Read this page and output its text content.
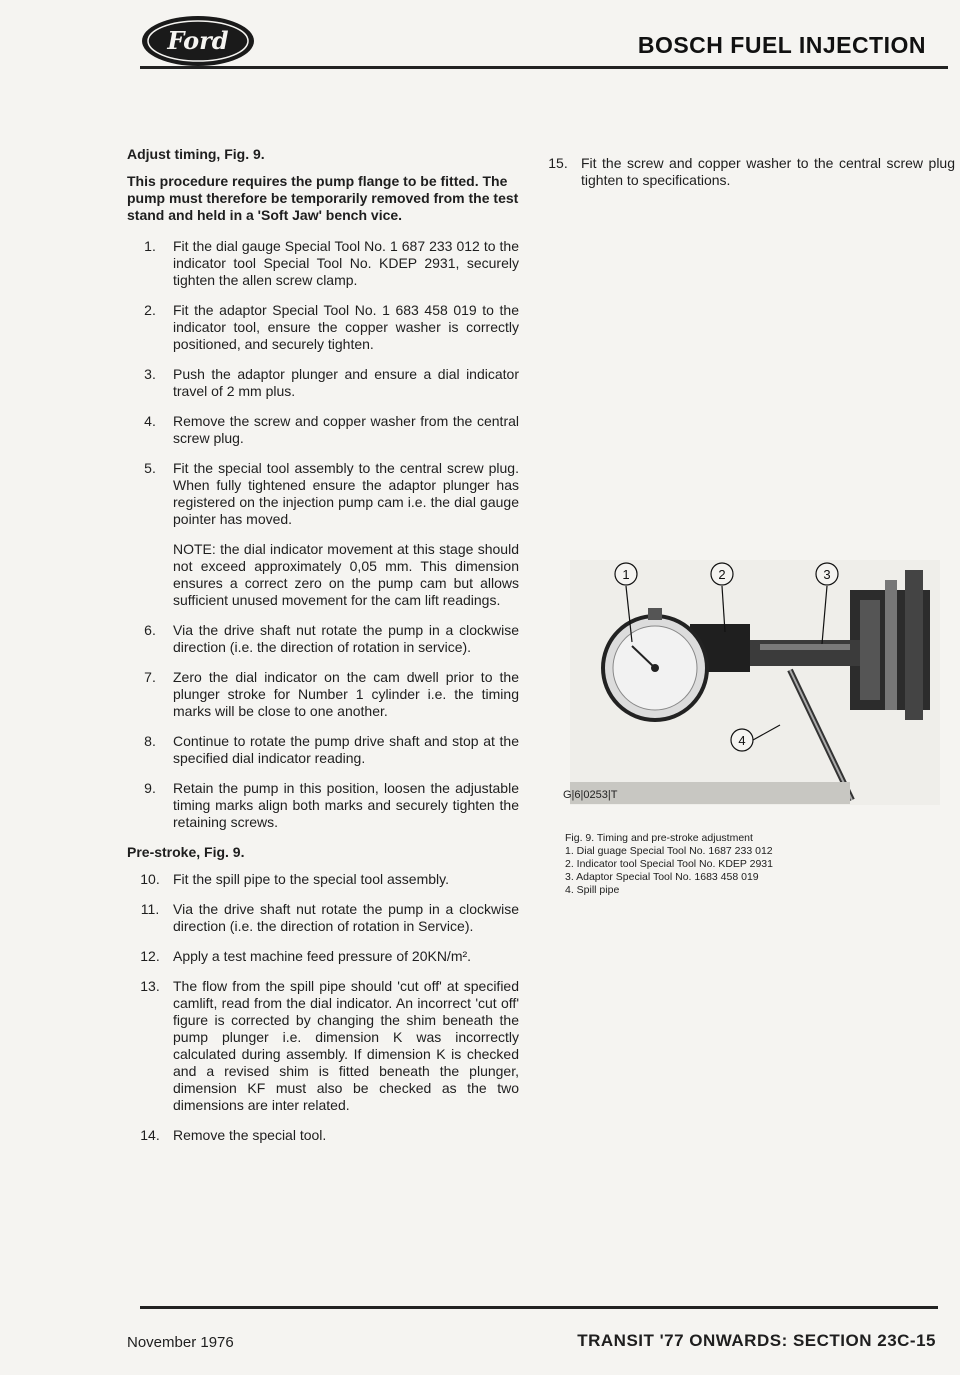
Ford	BOSCH FUEL INJECTION
Adjust timing, Fig. 9.
This procedure requires the pump flange to be fitted. The pump must therefore be temporarily removed from the test stand and held in a 'Soft Jaw' bench vice.
1.	Fit the dial gauge Special Tool No. 1 687 233 012 to the indicator tool Special Tool No. KDEP 2931, securely tighten the allen screw clamp.
2.	Fit the adaptor Special Tool No. 1 683 458 019 to the indicator tool, ensure the copper washer is correctly positioned, and securely tighten.
3.	Push the adaptor plunger and ensure a dial indicator travel of 2 mm plus.
4.	Remove the screw and copper washer from the central screw plug.
5.	Fit the special tool assembly to the central screw plug. When fully tightened ensure the adaptor plunger has registered on the injection pump cam i.e. the dial gauge pointer has moved.
NOTE: the dial indicator movement at this stage should not exceed approximately 0,05 mm. This dimension ensures a correct zero on the pump cam but allows sufficient unused movement for the cam lift readings.
6.	Via the drive shaft nut rotate the pump in a clockwise direction (i.e. the direction of rotation in service).
7.	Zero the dial indicator on the cam dwell prior to the plunger stroke for Number 1 cylinder i.e. the timing marks will be close to one another.
8.	Continue to rotate the pump drive shaft and stop at the specified dial indicator reading.
9.	Retain the pump in this position, loosen the adjustable timing marks align both marks and securely tighten the retaining screws.
Pre-stroke, Fig. 9.
10. Fit the spill pipe to the special tool assembly.
11. Via the drive shaft nut rotate the pump in a clockwise direction (i.e. the direction of rotation in Service).
12. Apply a test machine feed pressure of 20KN/m².
13. The flow from the spill pipe should 'cut off' at specified camlift, read from the dial indicator. An incorrect 'cut off' figure is corrected by changing the shim beneath the pump plunger i.e. dimension K was incorrectly calculated during assembly. If dimension K is checked and a revised shim is fitted beneath the plunger, dimension KF must also be checked as the two dimensions are inter related.
14. Remove the special tool.
15. Fit the screw and copper washer to the central screw plug tighten to specifications.
1	2	3
4
G|6|0253|T
Fig. 9. Timing and pre-stroke adjustment
1. Dial guage Special Tool No. 1687 233 012
2. Indicator tool Special Tool No. KDEP 2931
3. Adaptor Special Tool No. 1683 458 019
4. Spill pipe
November 1976	TRANSIT '77 ONWARDS: SECTION 23C-15
